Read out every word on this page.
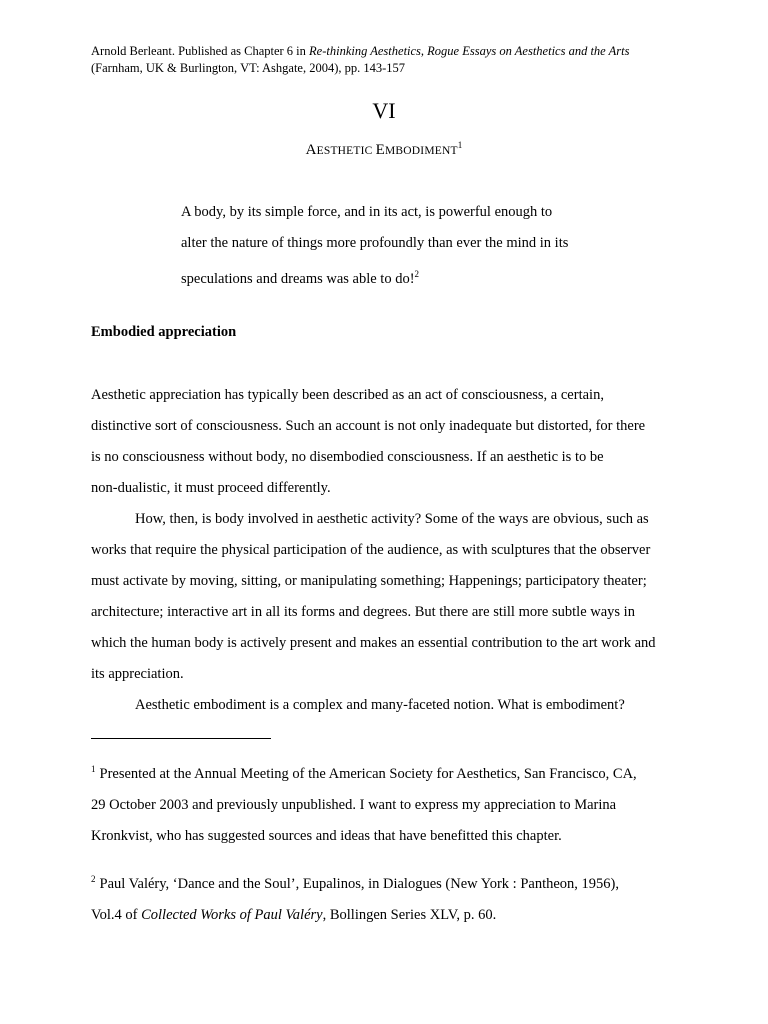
Arnold Berleant. Published as Chapter 6 in Re-thinking Aesthetics, Rogue Essays on Aesthetics and the Arts
(Farnham, UK & Burlington, VT: Ashgate, 2004), pp. 143-157
VI
AESTHETIC EMBODIMENT$^1$
A body, by its simple force, and in its act, is powerful enough to
alter the nature of things more profoundly than ever the mind in its
speculations and dreams was able to do!$^2$
Embodied appreciation
Aesthetic appreciation has typically been described as an act of consciousness, a certain,
distinctive sort of consciousness. Such an account is not only inadequate but distorted, for there
is no consciousness without body, no disembodied consciousness. If an aesthetic is to be
non-dualistic, it must proceed differently.
How, then, is body involved in aesthetic activity? Some of the ways are obvious, such as
works that require the physical participation of the audience, as with sculptures that the observer
must activate by moving, sitting, or manipulating something; Happenings; participatory theater;
architecture; interactive art in all its forms and degrees. But there are still more subtle ways in
which the human body is actively present and makes an essential contribution to the art work and
its appreciation.
Aesthetic embodiment is a complex and many-faceted notion. What is embodiment?
$^1$ Presented at the Annual Meeting of the American Society for Aesthetics, San Francisco, CA,
29 October 2003 and previously unpublished. I want to express my appreciation to Marina
Kronkvist, who has suggested sources and ideas that have benefitted this chapter.
$^2$ Paul Valéry, ‘Dance and the Soul’, Eupalinos, in Dialogues (New York : Pantheon, 1956),
Vol.4 of Collected Works of Paul Valéry, Bollingen Series XLV, p. 60.
